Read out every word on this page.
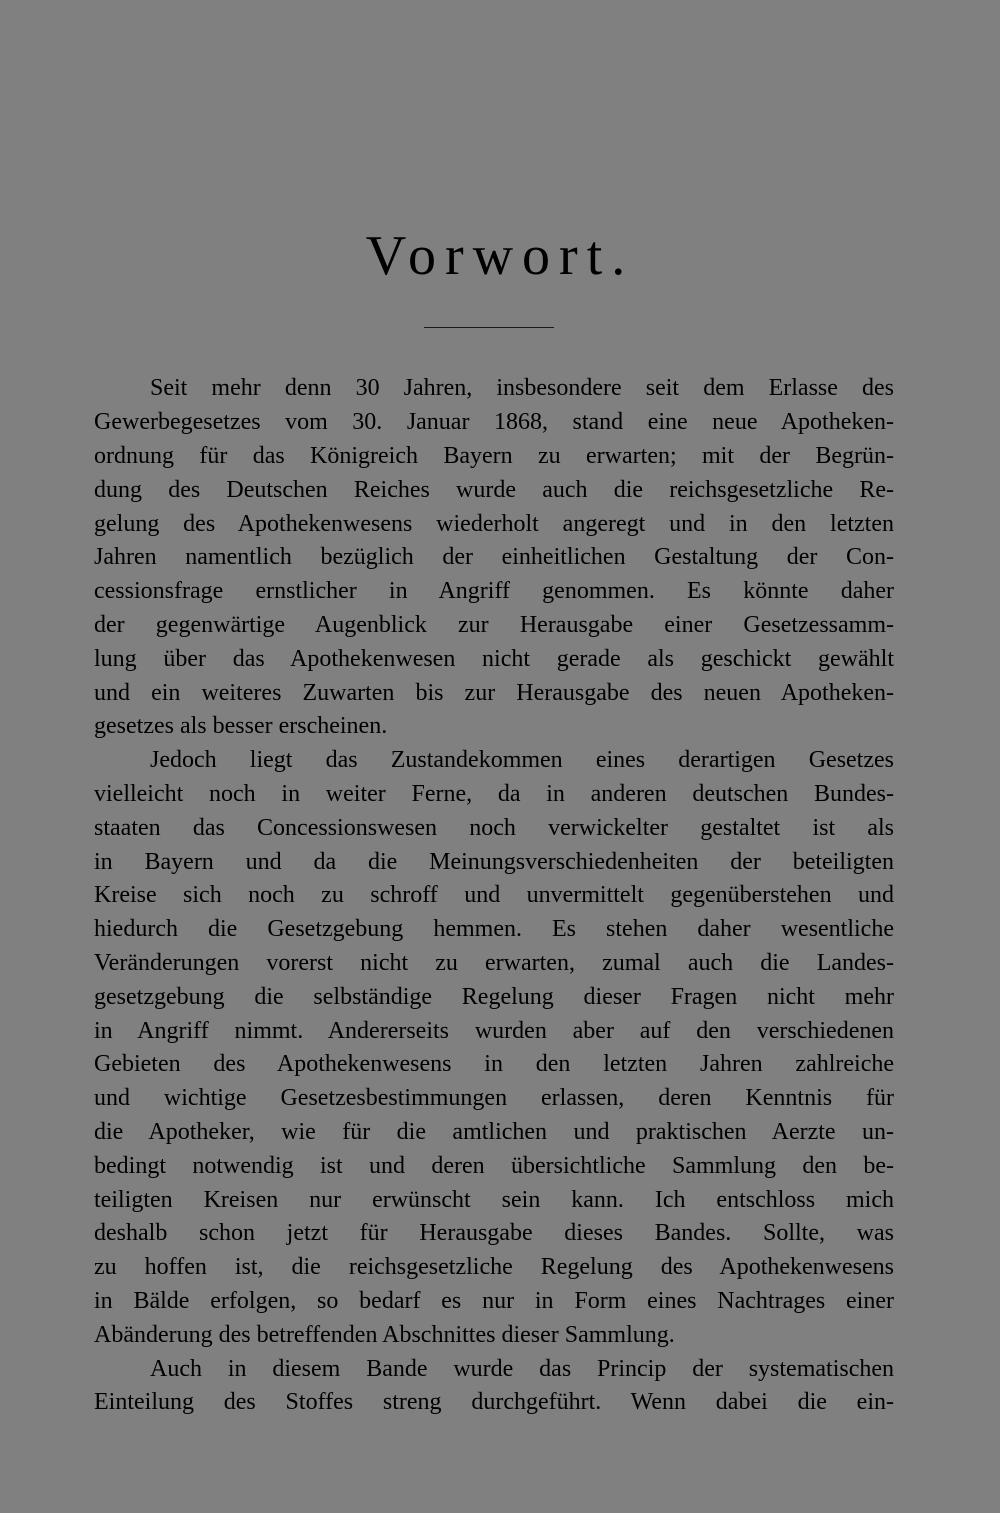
Vorwort.
Seit mehr denn 30 Jahren, insbesondere seit dem Erlasse des
Gewerbegesetzes vom 30. Januar 1868, stand eine neue Apotheken-
ordnung für das Königreich Bayern zu erwarten; mit der Begrün-
dung des Deutschen Reiches wurde auch die reichsgesetzliche Re-
gelung des Apothekenwesens wiederholt angeregt und in den letzten
Jahren namentlich bezüglich der einheitlichen Gestaltung der Con-
cessionsfrage ernstlicher in Angriff genommen. Es könnte daher
der gegenwärtige Augenblick zur Herausgabe einer Gesetzessamm-
lung über das Apothekenwesen nicht gerade als geschickt gewählt
und ein weiteres Zuwarten bis zur Herausgabe des neuen Apotheken-
gesetzes als besser erscheinen.
Jedoch liegt das Zustandekommen eines derartigen Gesetzes
vielleicht noch in weiter Ferne, da in anderen deutschen Bundes-
staaten das Concessionswesen noch verwickelter gestaltet ist als
in Bayern und da die Meinungsverschiedenheiten der beteiligten
Kreise sich noch zu schroff und unvermittelt gegenüberstehen und
hiedurch die Gesetzgebung hemmen. Es stehen daher wesentliche
Veränderungen vorerst nicht zu erwarten, zumal auch die Landes-
gesetzgebung die selbständige Regelung dieser Fragen nicht mehr
in Angriff nimmt. Andererseits wurden aber auf den verschiedenen
Gebieten des Apothekenwesens in den letzten Jahren zahlreiche
und wichtige Gesetzesbestimmungen erlassen, deren Kenntnis für
die Apotheker, wie für die amtlichen und praktischen Aerzte un-
bedingt notwendig ist und deren übersichtliche Sammlung den be-
teiligten Kreisen nur erwünscht sein kann. Ich entschloss mich
deshalb schon jetzt für Herausgabe dieses Bandes. Sollte, was
zu hoffen ist, die reichsgesetzliche Regelung des Apothekenwesens
in Bälde erfolgen, so bedarf es nur in Form eines Nachtrages einer
Abänderung des betreffenden Abschnittes dieser Sammlung.
Auch in diesem Bande wurde das Princip der systematischen
Einteilung des Stoffes streng durchgeführt. Wenn dabei die ein-
